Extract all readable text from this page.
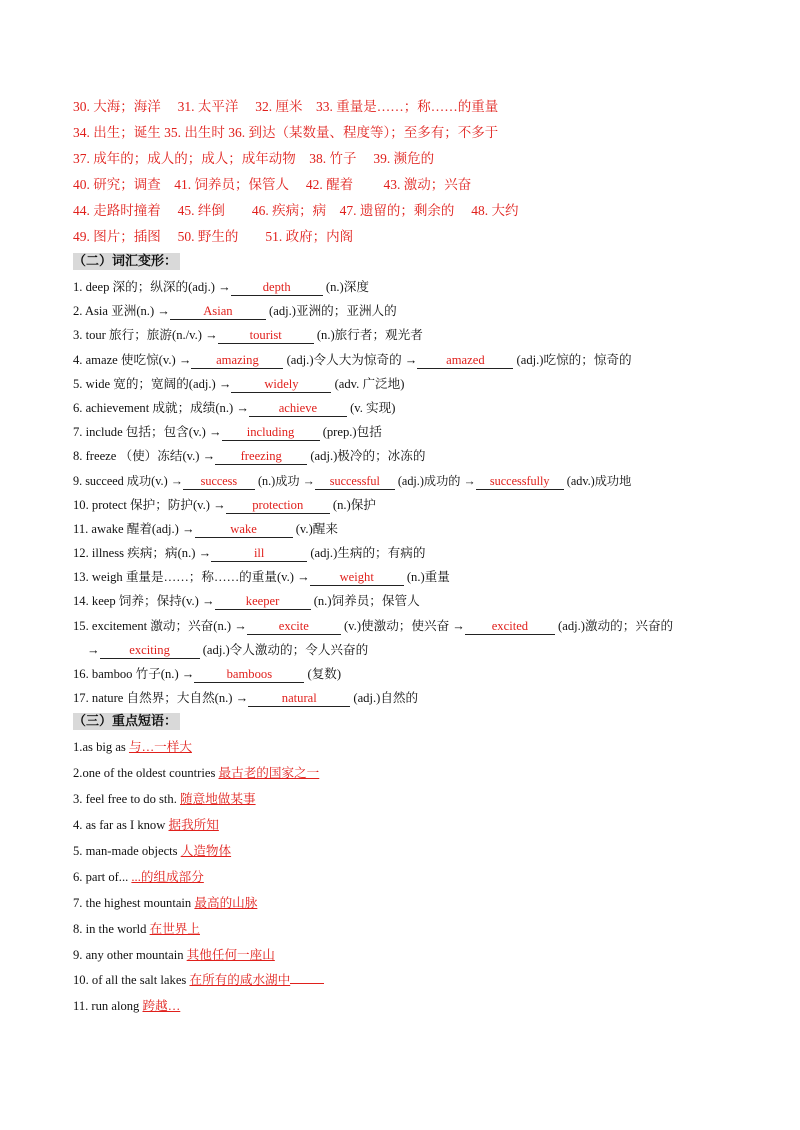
30. 大海；海洋　 31. 太平洋　 32. 厘米　33. 重量是……；称……的重量
34. 出生；诞生 35. 出生时 36. 到达（某数量、程度等）；至多有；不多于
37. 成年的；成人的；成人；成年动物　38. 竹子　 39. 濒危的
40. 研究；调查　41. 饲养员；保管人　 42. 醒着　　 43. 激动；兴奋
44. 走路时撞着　 45. 绊倒　　46. 疾病；病　47. 遗留的；剩余的　 48. 大约
49. 图片；插图　 50. 野生的　　51. 政府；内阁
（二）词汇变形：
1. deep 深的；纵深的(adj.) →	depth	(n.)深度
2. Asia 亚洲(n.) →	Asian	(adj.)亚洲的；亚洲人的
3. tour 旅行；旅游(n./v.) →	tourist	(n.)旅行者；观光者
4. amaze 使吃惊(v.) → amazing (adj.)令人大为惊奇的 → amazed (adj.)吃惊的；惊奇的
5. wide 宽的；宽阔的(adj.) →	widely	(adv. 广泛地)
6. achievement 成就；成绩(n.) → achieve (v. 实现)
7. include 包括；包含(v.) → including (prep.)包括
8. freeze （使）冻结(v.) → freezing (adj.)极冷的；冰冻的
9. succeed 成功(v.) → success (n.)成功 → successful (adj.)成功的 → successfully (adv.)成功地
10. protect 保护；防护(v.) → protection (n.)保护
11. awake 醒着(adj.) →	wake	(v.)醒来
12. illness 疾病；病(n.) →	ill	(adj.)生病的；有病的
13. weigh 重量是……；称……的重量(v.) → weight (n.)重量
14. keep 饲养；保持(v.) → keeper (n.)饲养员；保管人
15. excitement 激动；兴奋(n.) →	excite	(v.)使激动；使兴奋 → excited (adj.)激动的；兴奋的
→ exciting (adj.)令人激动的；令人兴奋的
16. bamboo 竹子(n.) →	bamboos	(复数)
17. nature 自然界；大自然(n.) →	natural	(adj.)自然的
（三）重点短语：
1.as big as 与…一样大
2.one of the oldest countries 最古老的国家之一
3. feel free to do sth. 随意地做某事
4. as far as I know 据我所知
5. man-made objects 人造物体
6. part of... ...的组成部分
7. the highest mountain 最高的山脉
8. in the world 在世界上
9. any other mountain 其他任何一座山
10. of all the salt lakes 在所有的咸水湖中
11. run along 跨越…
